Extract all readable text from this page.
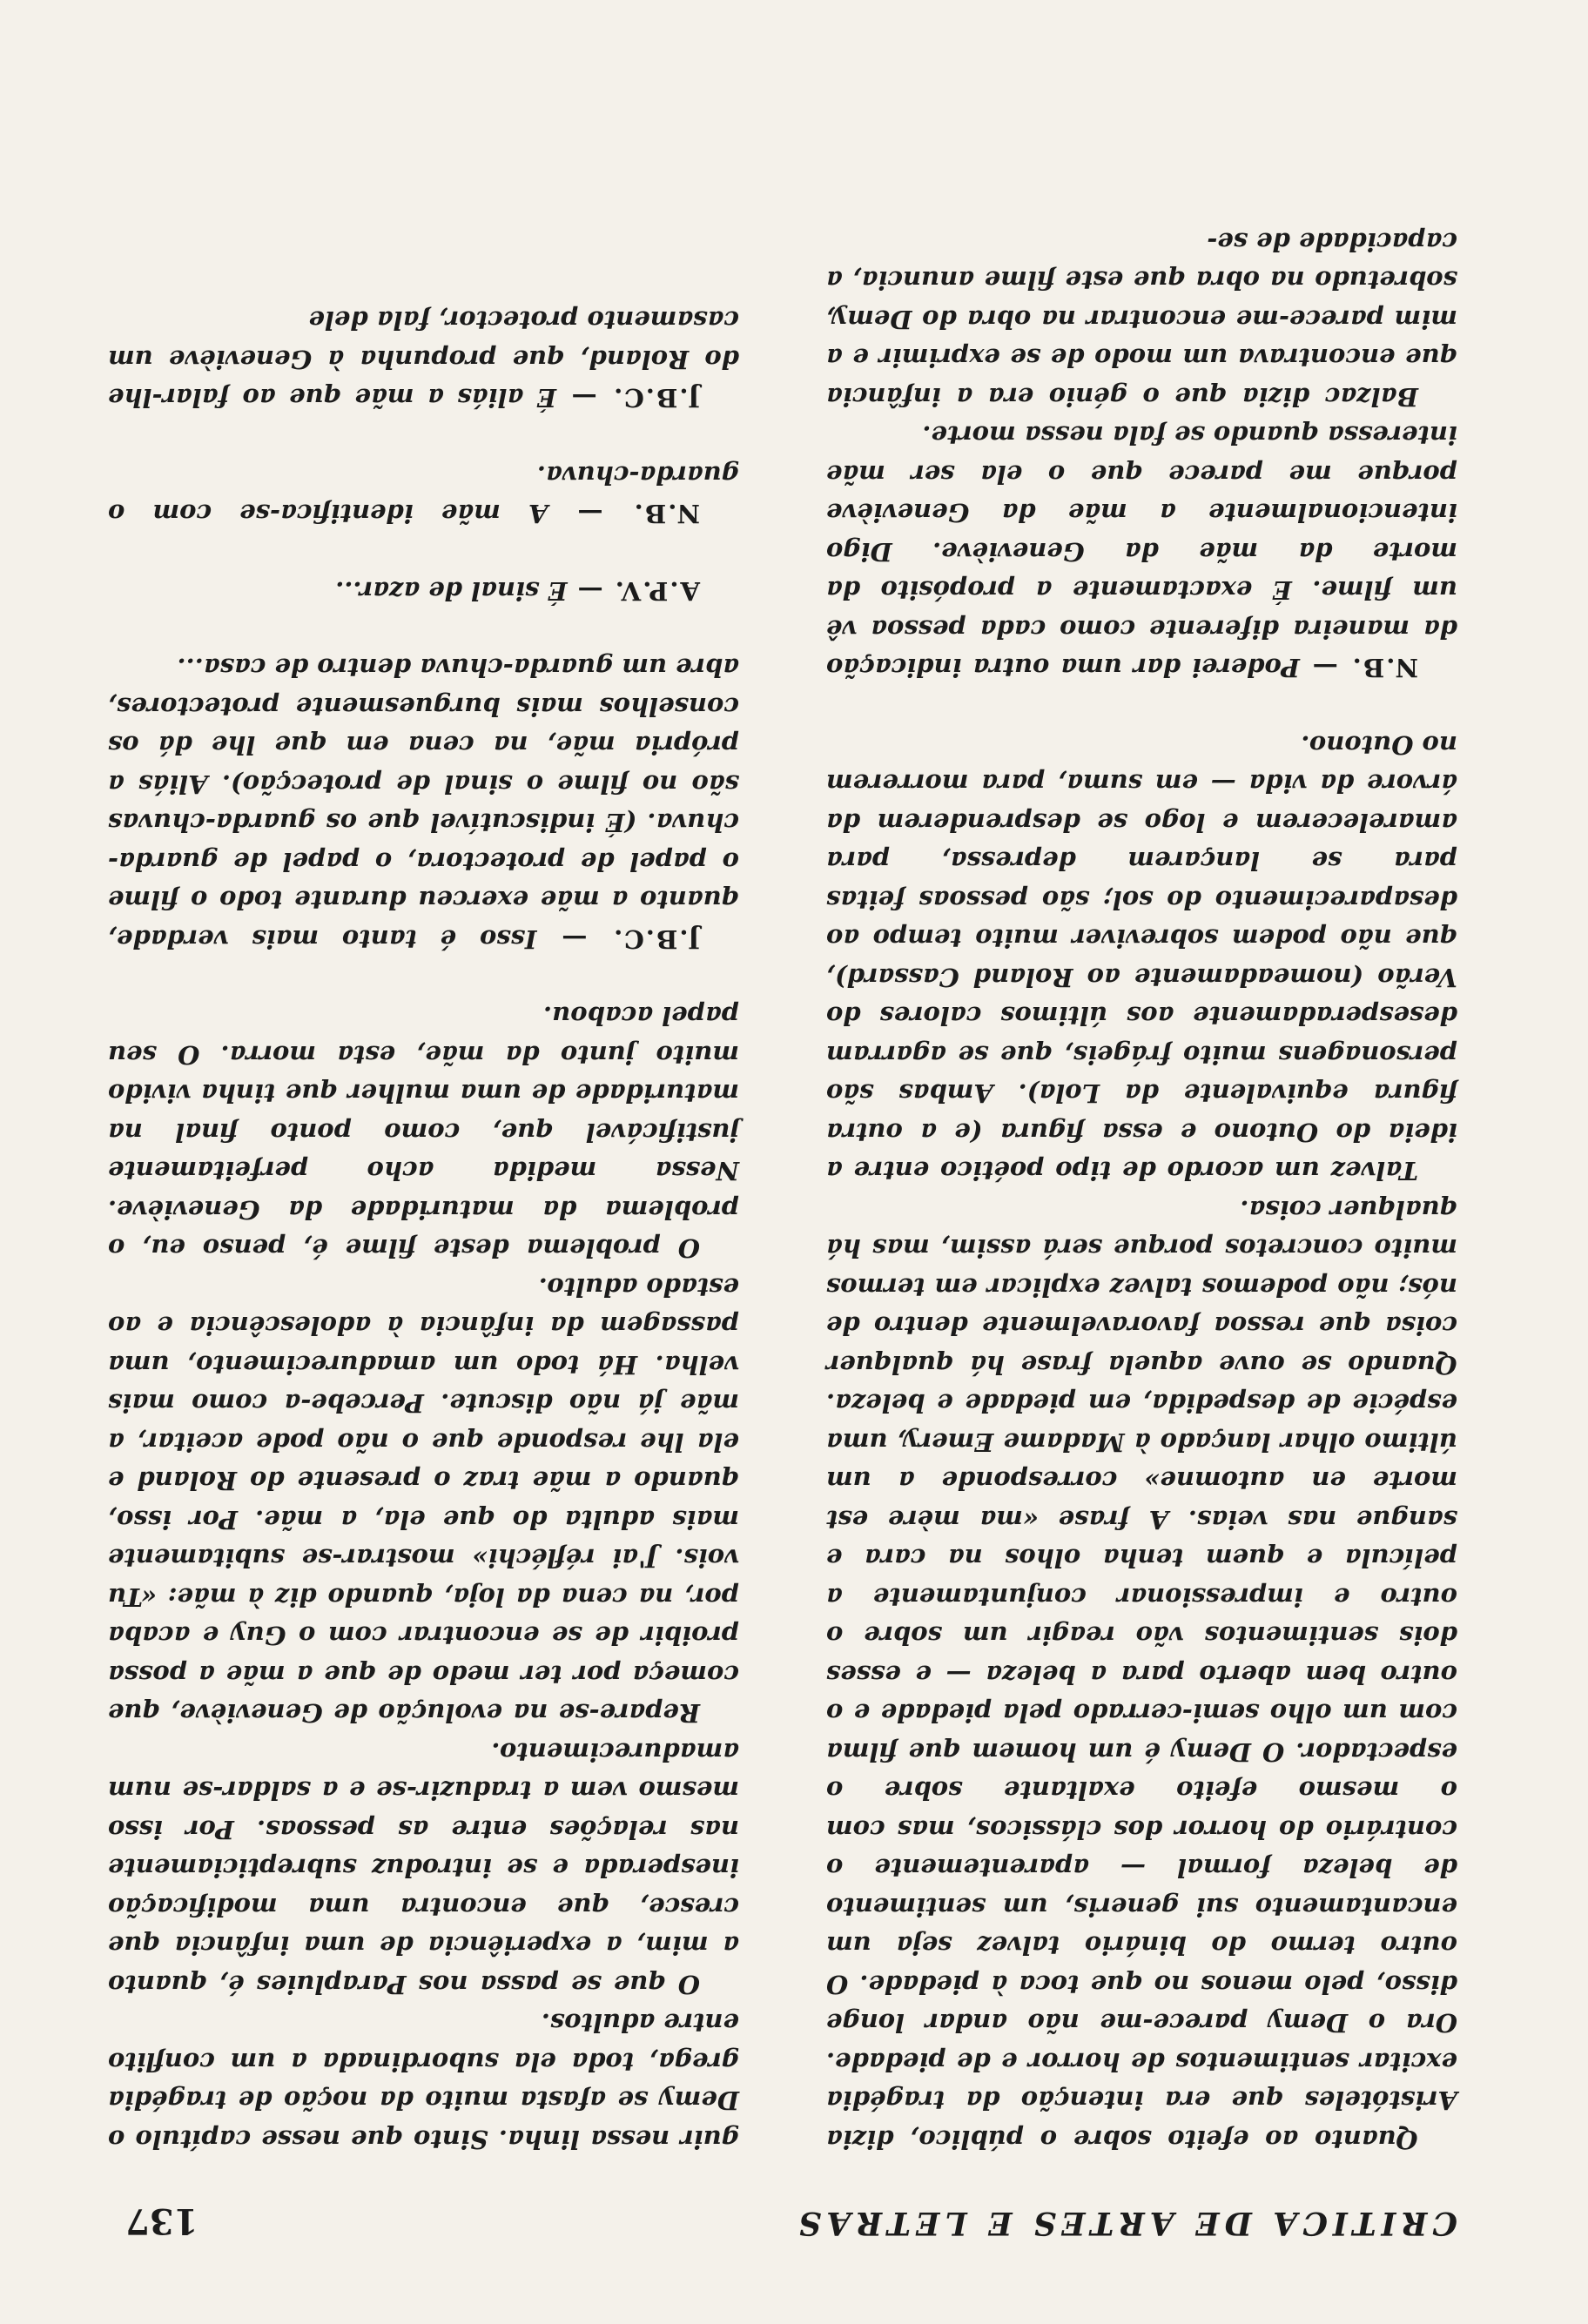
CRITICA DE ARTES E LETRAS
137

Quanto ao efeito sobre o público, dizia Aristóteles que era intenção da tragédia excitar sentimentos de horror e de piedade. Ora o Demy parece-me não andar longe disso, pelo menos no que toca à piedade. O outro termo do binário talvez seja um encantamento sui generis, um sentimento de beleza formal — aparentemente o contrário do horror dos clássicos, mas com o mesmo efeito exaltante sobre o espectador. O Demy é um homem que filma com um olho semi-cerrado pela piedade e o outro bem aberto para a beleza — e esses dois sentimentos vão reagir um sobre o outro e impressionar conjuntamente a película e quem tenha olhos na cara e sangue nas veias. A frase «ma mère est morte en automne» corresponde a um último olhar lançado à Madame Emery, uma espécie de despedida, em piedade e beleza. Quando se ouve aquela frase há qualquer coisa que ressoa favoravelmente dentro de nós; não podemos talvez explicar em termos muito concretos porque será assim, mas há qualquer coisa.

Talvez um acordo de tipo poético entre a ideia do Outono e essa figura (e a outra figura equivalente da Lola). Ambas são personagens muito frágeis, que se agarram desesperadamente aos últimos calores do Verão (nomeadamente ao Roland Cassard), que não podem sobreviver muito tempo ao desaparecimento do sol; são pessoas feitas para se lançarem depressa, para amarelecerem e logo se desprenderem da árvore da vida — em suma, para morrerem no Outono.

N.B. — Poderei dar uma outra indicação da maneira diferente como cada pessoa vê um filme. É exactamente a propósito da morte da mãe da Geneviève. Digo intencionalmente a mãe da Geneviève porque me parece que o ela ser mãe interessa quando se fala nessa morte.

Balzac dizia que o génio era a infância que encontrava um modo de se exprimir e a mim parece-me encontrar na obra do Demy, sobretudo na obra que este filme anuncia, a capacidade de se-

guir nessa linha. Sinto que nesse capítulo o Demy se afasta muito da noção de tragédia grega, toda ela subordinada a um conflito entre adultos.

O que se passa nos Parapluies é, quanto a mim, a experiência de uma infância que cresce, que encontra uma modificação inesperada e se introduz subrepticiamente nas relações entre as pessoas. Por isso mesmo vem a traduzir-se e a saldar-se num amadurecimento.

Repare-se na evolução de Geneviève, que começa por ter medo de que a mãe a possa proibir de se encontrar com o Guy e acaba por, na cena da loja, quando diz à mãe: «Tu vois. J'ai réfléchi» mostrar-se subitamente mais adulta do que ela, a mãe. Por isso, quando a mãe traz o presente do Roland e ela lhe responde que o não pode aceitar, a mãe já não discute. Percebe-a como mais velha. Há todo um amadurecimento, uma passagem da infância à adolescência e ao estado adulto.

O problema deste filme é, penso eu, o problema da maturidade da Geneviève. Nessa medida acho perfeitamente justificável que, como ponto final na maturidade de uma mulher que tinha vivido muito junto da mãe, esta morra. O seu papel acabou.

J.B.C. — Isso é tanto mais verdade, quanto a mãe exerceu durante todo o filme o papel de protectora, o papel de guarda-chuva. (É indiscutível que os guarda-chuvas são no filme o sinal de protecção). Aliás a própria mãe, na cena em que lhe dá os conselhos mais burguesmente protectores, abre um guarda-chuva dentro de casa...

A.P.V. — É sinal de azar...

N.B. — A mãe identifica-se com o guarda-chuva.

J.B.C. — É aliás a mãe que ao falar-lhe do Roland, que propunha à Geneviève um casamento protector, fala dele
